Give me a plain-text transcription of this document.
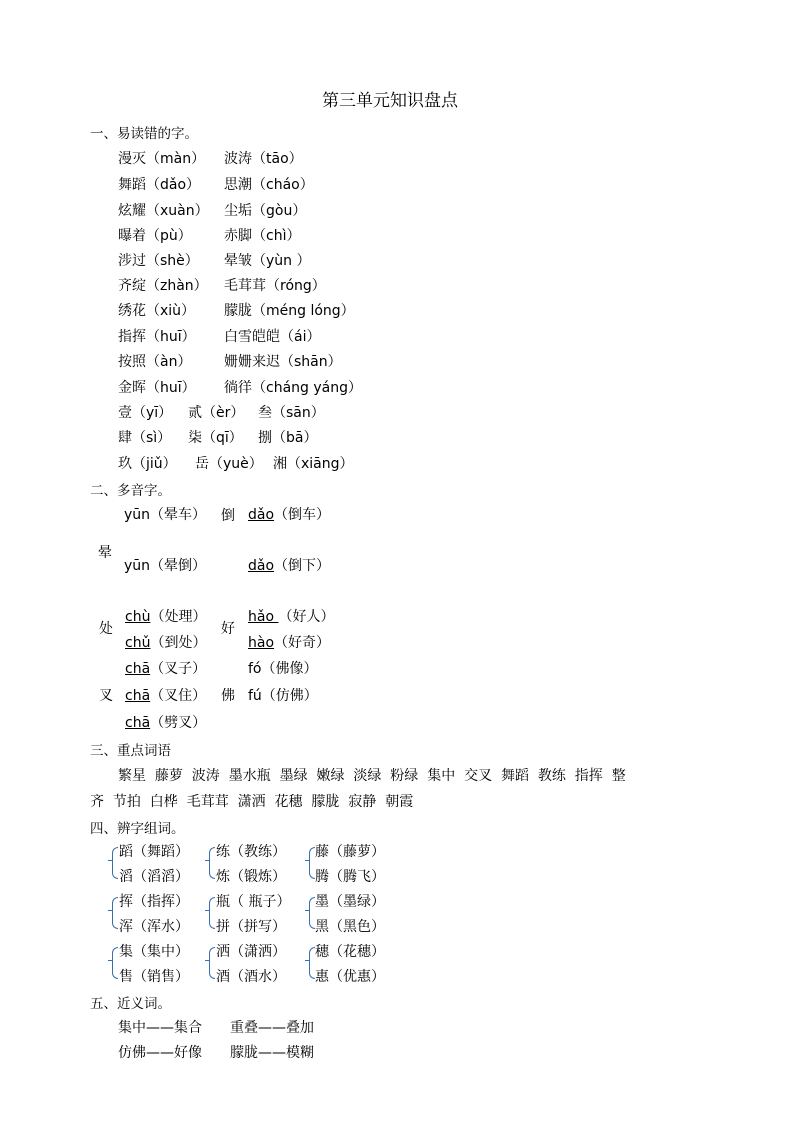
第三单元知识盘点
一、易读错的字。
漫灭（màn） 波涛（tāo）
舞蹈（dǎo） 思潮（cháo）
炫耀（xuàn） 尘垢（gòu）
曝着（pù） 赤脚（chì）
涉过（shè） 晕皱（yùn ）
齐绽（zhàn） 毛茸茸（róng）
绣花（xiù） 朦胧（méng lóng）
指挥（huī） 白雪皑皑（ái）
按照（àn） 姗姗来迟（shān）
金晖（huī） 徜徉（cháng yáng）
壹（yī） 贰（èr） 叁（sān）
肆（sì） 柒（qī） 捌（bā）
玖（jiǔ） 岳（yuè） 湘（xiāng）
二、多音字。
yūn（晕车）
晕
yūn（晕倒）
倒 dǎo（倒车）
dǎo（倒下）
处
chù（处理）
chǔ（到处）
好
hǎo （好人）
hào（好奇）
chā（叉子）
叉 chā（叉住）
chā（劈叉）
fó（佛像）
佛 fú（仿佛）
三、重点词语
繁星  藤萝  波涛  墨水瓶  墨绿  嫩绿  淡绿  粉绿  集中  交叉  舞蹈  教练  指挥  整
齐  节拍  白桦  毛茸茸  潇洒  花穗  朦胧  寂静  朝霞
四、辨字组词。
蹈（舞蹈）
滔（滔滔）
练（教练）
炼（锻炼）
藤（藤萝）
腾（腾飞）
挥（指挥）
浑（浑水）
瓶（ 瓶子）
拼（拼写）
墨（墨绿）
黑（黑色）
集（集中）
售（销售）
洒（潇洒）
酒（酒水）
穗（花穗）
惠（优惠）
五、近义词。
集中——集合 重叠——叠加
仿佛——好像 朦胧——模糊
